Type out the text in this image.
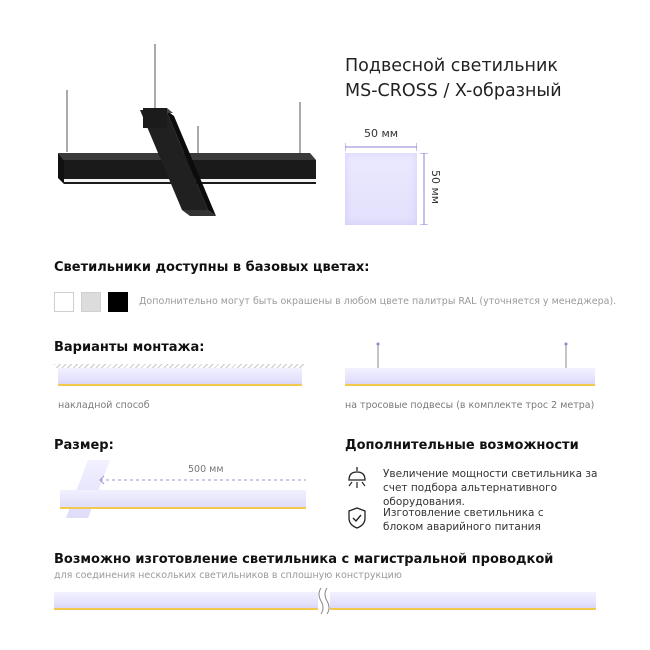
Подвесной светильник
MS-CROSS / X-образный
50 мм
50 мм
Светильники доступны в базовых цветах:
Дополнительно могут быть окрашены в любом цвете палитры RAL (уточняется у менеджера).
Варианты монтажа:
накладной способ	на тросовые подвесы (в комплекте трос 2 метра)
Размер:
500 мм
Дополнительные возможности
Увеличение мощности светильника за счет подбора альтернативного оборудования.
Изготовление светильника с блоком аварийного питания
Возможно изготовление светильника с магистральной проводкой
для соединения нескольких светильников в сплошную конструкцию
